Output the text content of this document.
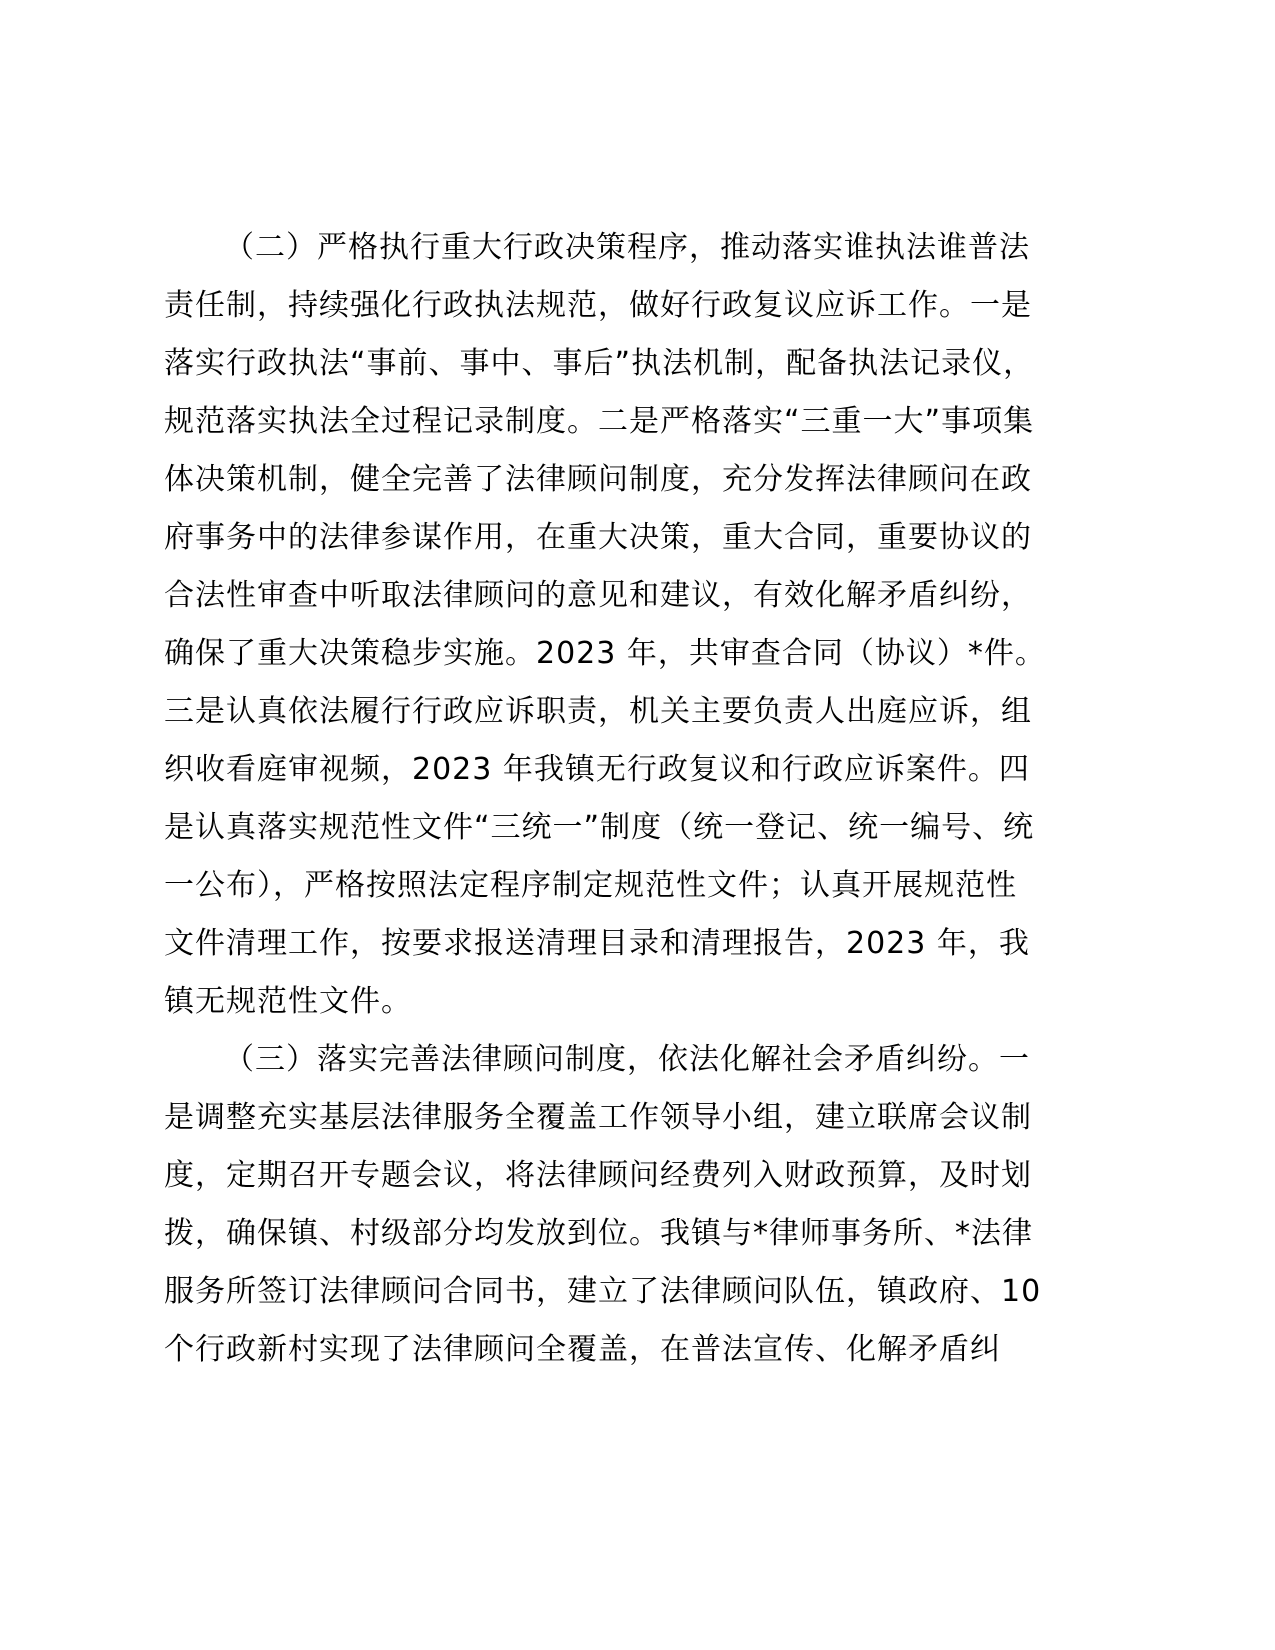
（二）严格执行重大行政决策程序，推动落实谁执法谁普法
责任制，持续强化行政执法规范，做好行政复议应诉工作。一是
落实行政执法“事前、事中、事后”执法机制，配备执法记录仪，
规范落实执法全过程记录制度。二是严格落实“三重一大”事项集
体决策机制，健全完善了法律顾问制度，充分发挥法律顾问在政
府事务中的法律参谋作用，在重大决策，重大合同，重要协议的
合法性审查中听取法律顾问的意见和建议，有效化解矛盾纠纷，
确保了重大决策稳步实施。2023 年，共审查合同（协议）*件。
三是认真依法履行行政应诉职责，机关主要负责人出庭应诉，组
织收看庭审视频，2023 年我镇无行政复议和行政应诉案件。四
是认真落实规范性文件“三统一”制度（统一登记、统一编号、统
一公布），严格按照法定程序制定规范性文件；认真开展规范性
文件清理工作，按要求报送清理目录和清理报告，2023 年，我
镇无规范性文件。
（三）落实完善法律顾问制度，依法化解社会矛盾纠纷。一
是调整充实基层法律服务全覆盖工作领导小组，建立联席会议制
度，定期召开专题会议，将法律顾问经费列入财政预算，及时划
拨，确保镇、村级部分均发放到位。我镇与*律师事务所、*法律
服务所签订法律顾问合同书，建立了法律顾问队伍，镇政府、10
个行政新村实现了法律顾问全覆盖，在普法宣传、化解矛盾纠
